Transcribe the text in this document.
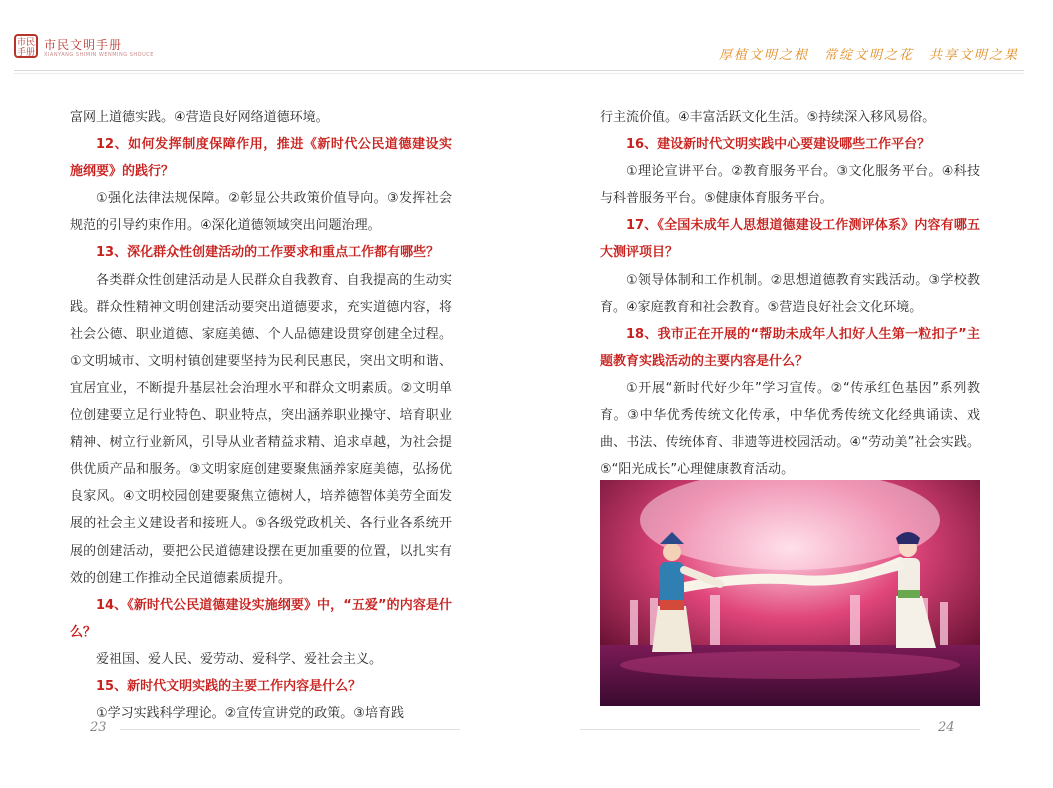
市民
手册
市民文明手册
XIANYANG SHIMIN WENMING SHOUCE	厚植文明之根　常绽文明之花　共享文明之果

富网上道德实践。④营造良好网络道德环境。

12、如何发挥制度保障作用，推进《新时代公民道德建设实施纲要》的践行？

①强化法律法规保障。②彰显公共政策价值导向。③发挥社会规范的引导约束作用。④深化道德领域突出问题治理。

13、深化群众性创建活动的工作要求和重点工作都有哪些？

各类群众性创建活动是人民群众自我教育、自我提高的生动实践。群众性精神文明创建活动要突出道德要求，充实道德内容，将社会公德、职业道德、家庭美德、个人品德建设贯穿创建全过程。①文明城市、文明村镇创建要坚持为民利民惠民，突出文明和谐、宜居宜业，不断提升基层社会治理水平和群众文明素质。②文明单位创建要立足行业特色、职业特点，突出涵养职业操守、培育职业精神、树立行业新风，引导从业者精益求精、追求卓越，为社会提供优质产品和服务。③文明家庭创建要聚焦涵养家庭美德，弘扬优良家风。④文明校园创建要聚焦立德树人，培养德智体美劳全面发展的社会主义建设者和接班人。⑤各级党政机关、各行业各系统开展的创建活动，要把公民道德建设摆在更加重要的位置，以扎实有效的创建工作推动全民道德素质提升。

14、《新时代公民道德建设实施纲要》中，“五爱”的内容是什么？

爱祖国、爱人民、爱劳动、爱科学、爱社会主义。

15、新时代文明实践的主要工作内容是什么？

①学习实践科学理论。②宣传宣讲党的政策。③培育践

行主流价值。④丰富活跃文化生活。⑤持续深入移风易俗。

16、建设新时代文明实践中心要建设哪些工作平台？

①理论宣讲平台。②教育服务平台。③文化服务平台。④科技与科普服务平台。⑤健康体育服务平台。

17、《全国未成年人思想道德建设工作测评体系》内容有哪五大测评项目？

①领导体制和工作机制。②思想道德教育实践活动。③学校教育。④家庭教育和社会教育。⑤营造良好社会文化环境。

18、我市正在开展的“帮助未成年人扣好人生第一粒扣子”主题教育实践活动的主要内容是什么？

①开展“新时代好少年”学习宣传。②“传承红色基因”系列教育。③中华优秀传统文化传承，中华优秀传统文化经典诵读、戏曲、书法、传统体育、非遗等进校园活动。④“劳动美”社会实践。⑤“阳光成长”心理健康教育活动。

23	24
